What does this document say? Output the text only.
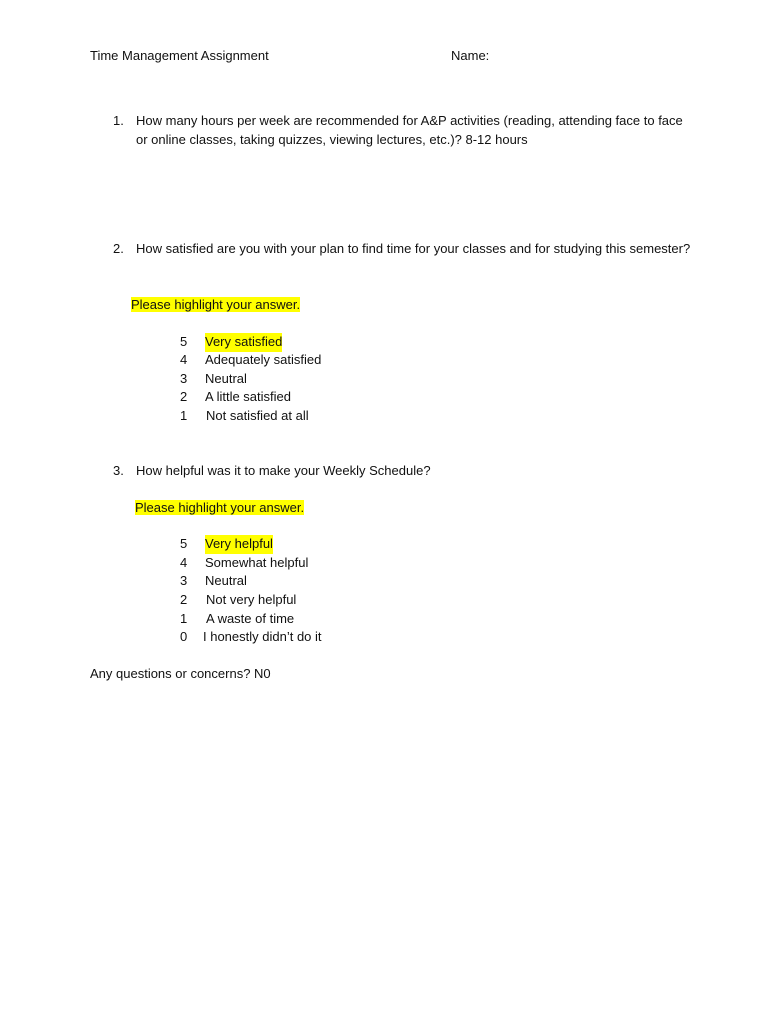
Time Management Assignment	Name:
1. How many hours per week are recommended for A&P activities (reading, attending face to face or online classes, taking quizzes, viewing lectures, etc.)? 8-12 hours
2. How satisfied are you with your plan to find time for your classes and for studying this semester?
Please highlight your answer.
5 Very satisfied
4 Adequately satisfied
3 Neutral
2 A little satisfied
1 Not satisfied at all
3. How helpful was it to make your Weekly Schedule?
Please highlight your answer.
5 Very helpful
4 Somewhat helpful
3 Neutral
2 Not very helpful
1 A waste of time
0 I honestly didn’t do it
Any questions or concerns? N0
